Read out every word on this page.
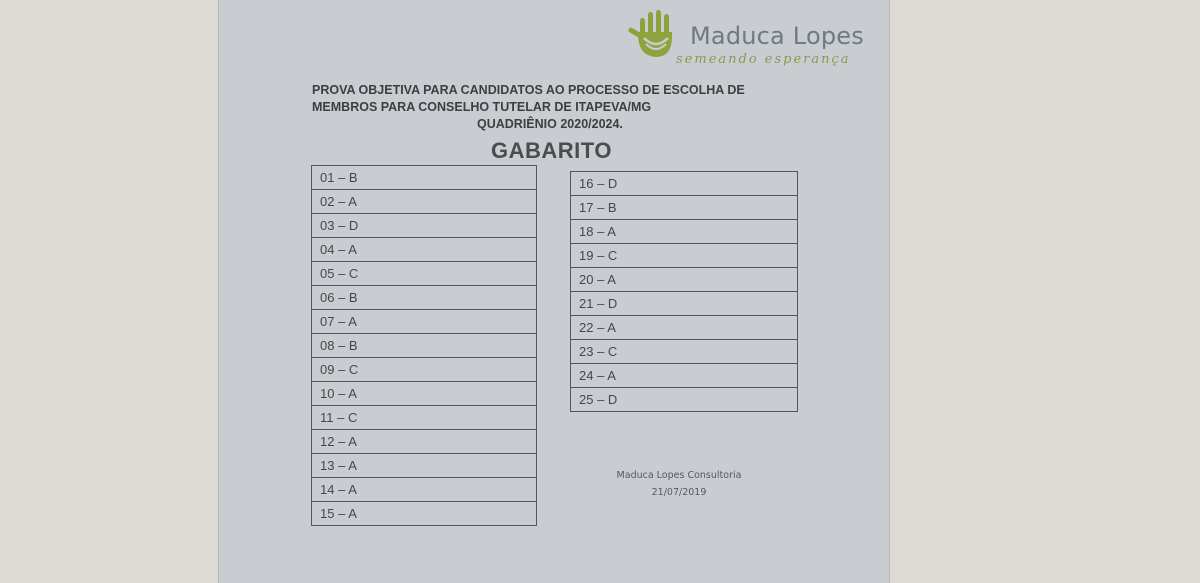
Maduca Lopes
semeando esperança
PROVA OBJETIVA PARA CANDIDATOS AO PROCESSO DE ESCOLHA DE
MEMBROS PARA CONSELHO TUTELAR DE ITAPEVA/MG
QUADRIÊNIO 2020/2024.
GABARITO
01 – B
02 – A
03 – D
04 – A
05 – C
06 – B
07 – A
08 – B
09 – C
10 – A
11 – C
12 – A
13 – A
14 – A
15 – A
16 – D
17 – B
18 – A
19 – C
20 – A
21 – D
22 – A
23 – C
24 – A
25 – D
Maduca Lopes Consultoria
21/07/2019
